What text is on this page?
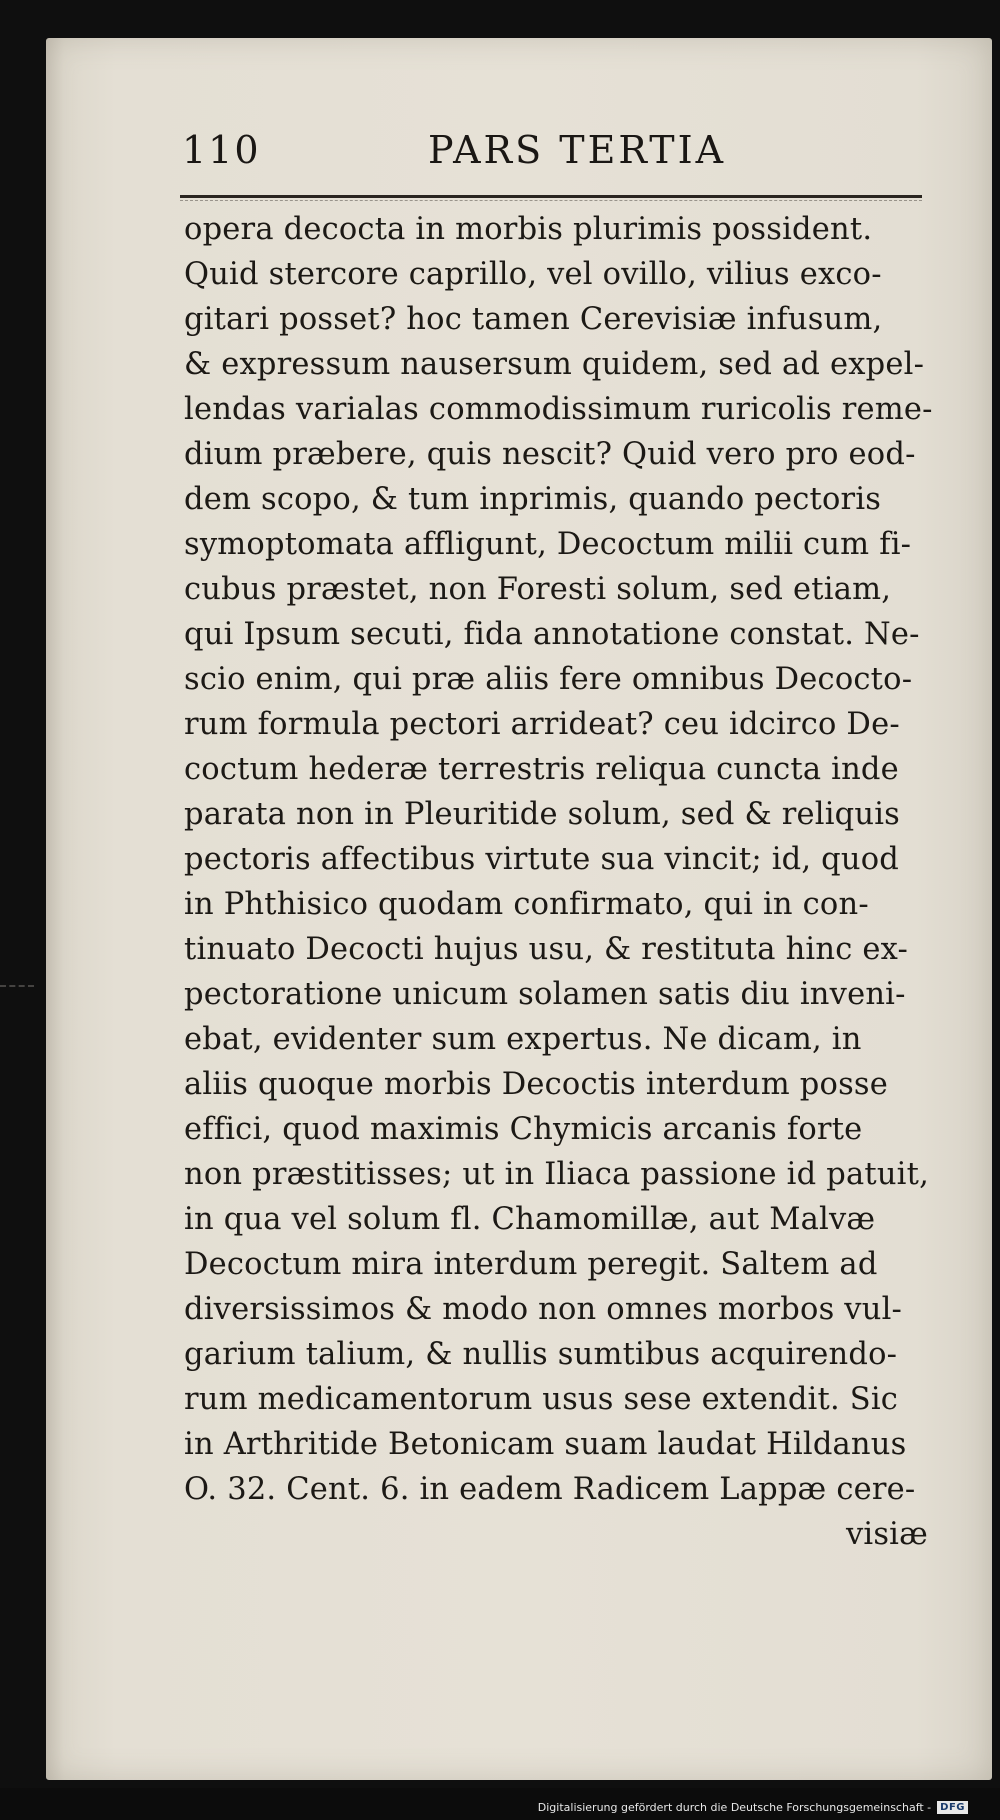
110	PARS TERTIA
opera decocta in morbis plurimis possident.
Quid stercore caprillo, vel ovillo, vilius exco-
gitari posset? hoc tamen Cerevisiæ infusum,
& expressum nausersum quidem, sed ad expel-
lendas varialas commodissimum ruricolis reme-
dium præbere, quis nescit? Quid vero pro eod-
dem scopo, & tum inprimis, quando pectoris
symoptomata affligunt, Decoctum milii cum fi-
cubus præstet, non Foresti solum, sed etiam,
qui Ipsum secuti, fida annotatione constat. Ne-
scio enim, qui præ aliis fere omnibus Decocto-
rum formula pectori arrideat? ceu idcirco De-
coctum hederæ terrestris reliqua cuncta inde
parata non in Pleuritide solum, sed & reliquis
pectoris affectibus virtute sua vincit; id, quod
in Phthisico quodam confirmato, qui in con-
tinuato Decocti hujus usu, & restituta hinc ex-
pectoratione unicum solamen satis diu inveni-
ebat, evidenter sum expertus. Ne dicam, in
aliis quoque morbis Decoctis interdum posse
effici, quod maximis Chymicis arcanis forte
non præstitisses; ut in Iliaca passione id patuit,
in qua vel solum fl. Chamomillæ, aut Malvæ
Decoctum mira interdum peregit. Saltem ad
diversissimos & modo non omnes morbos vul-
garium talium, & nullis sumtibus acquirendo-
rum medicamentorum usus sese extendit. Sic
in Arthritide Betonicam suam laudat Hildanus
O. 32. Cent. 6. in eadem Radicem Lappæ cere-
visiæ
Digitalisierung gefördert durch die Deutsche Forschungsgemeinschaft - DFG
